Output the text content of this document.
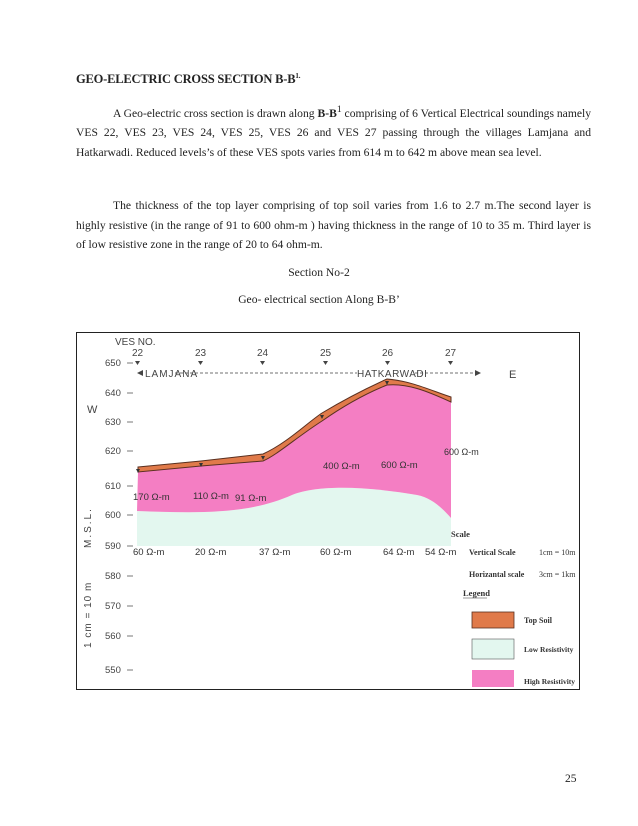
GEO-ELECTRIC CROSS SECTION $B-B^{1.}$

A Geo-electric cross section is drawn along $B-B^1$ comprising of 6 Vertical Electrical soundings namely VES 22, VES 23, VES 24, VES 25, VES 26 and VES 27 passing through the villages Lamjana and Hatkarwadi. Reduced levels’s of these VES spots varies from 614 m to 642 m above mean sea level.

The thickness of the top layer comprising of top soil varies from 1.6 to 2.7 m.The second layer is highly resistive (in the range of 91 to 600 ohm-m ) having thickness in the range of 10 to 35 m. Third layer is of low resistive zone in the range of 20 to 64 ohm-m.

Section No-2
Geo- electrical section Along B-B’
650
640
630
620
610
600
590
580
570
560
550
M.S.L.
1 cm = 10 m
W
VES NO.
22	23	24	25	26	27
LAMJANA	HATKARWADI	E
170 Ω-m 110 Ω-m 91 Ω-m
400 Ω-m 600 Ω-m
600 Ω-m
60 Ω-m	20 Ω-m	37 Ω-m	60 Ω-m	64 Ω-m 54 Ω-m
Scale
Vertical Scale	1cm = 10m
Horizantal scale 3cm = 1km
Legend
Top Soil
Low Resistivity
High Resistivity
25
